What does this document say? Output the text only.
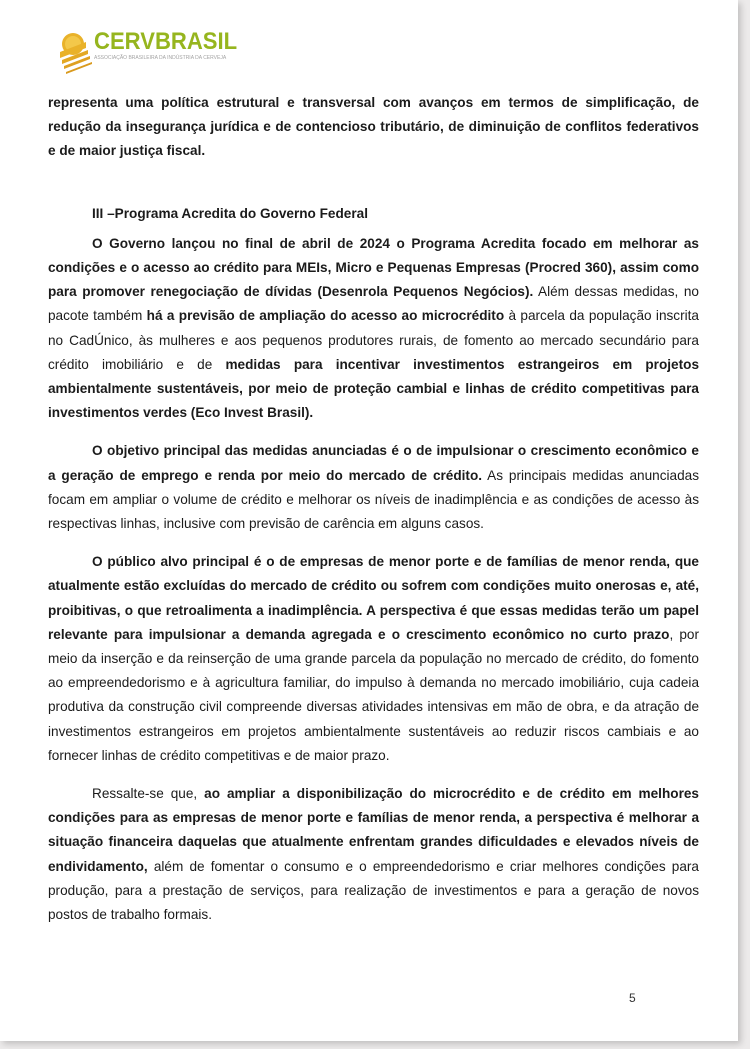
CERVBRASIL
ASSOCIAÇÃO BRASILEIRA DA INDÚSTRIA DA CERVEJA

representa uma política estrutural e transversal com avanços em termos de simplificação, de redução da insegurança jurídica e de contencioso tributário, de diminuição de conflitos federativos e de maior justiça fiscal.

III –Programa Acredita do Governo Federal

O Governo lançou no final de abril de 2024 o Programa Acredita focado em melhorar as condições e o acesso ao crédito para MEIs, Micro e Pequenas Empresas (Procred 360), assim como para promover renegociação de dívidas (Desenrola Pequenos Negócios). Além dessas medidas, no pacote também há a previsão de ampliação do acesso ao microcrédito à parcela da população inscrita no CadÚnico, às mulheres e aos pequenos produtores rurais, de fomento ao mercado secundário para crédito imobiliário e de medidas para incentivar investimentos estrangeiros em projetos ambientalmente sustentáveis, por meio de proteção cambial e linhas de crédito competitivas para investimentos verdes (Eco Invest Brasil).

O objetivo principal das medidas anunciadas é o de impulsionar o crescimento econômico e a geração de emprego e renda por meio do mercado de crédito. As principais medidas anunciadas focam em ampliar o volume de crédito e melhorar os níveis de inadimplência e as condições de acesso às respectivas linhas, inclusive com previsão de carência em alguns casos.

O público alvo principal é o de empresas de menor porte e de famílias de menor renda, que atualmente estão excluídas do mercado de crédito ou sofrem com condições muito onerosas e, até, proibitivas, o que retroalimenta a inadimplência. A perspectiva é que essas medidas terão um papel relevante para impulsionar a demanda agregada e o crescimento econômico no curto prazo, por meio da inserção e da reinserção de uma grande parcela da população no mercado de crédito, do fomento ao empreendedorismo e à agricultura familiar, do impulso à demanda no mercado imobiliário, cuja cadeia produtiva da construção civil compreende diversas atividades intensivas em mão de obra, e da atração de investimentos estrangeiros em projetos ambientalmente sustentáveis ao reduzir riscos cambiais e ao fornecer linhas de crédito competitivas e de maior prazo.

Ressalte-se que, ao ampliar a disponibilização do microcrédito e de crédito em melhores condições para as empresas de menor porte e famílias de menor renda, a perspectiva é melhorar a situação financeira daquelas que atualmente enfrentam grandes dificuldades e elevados níveis de endividamento, além de fomentar o consumo e o empreendedorismo e criar melhores condições para produção, para a prestação de serviços, para realização de investimentos e para a geração de novos postos de trabalho formais.

5
